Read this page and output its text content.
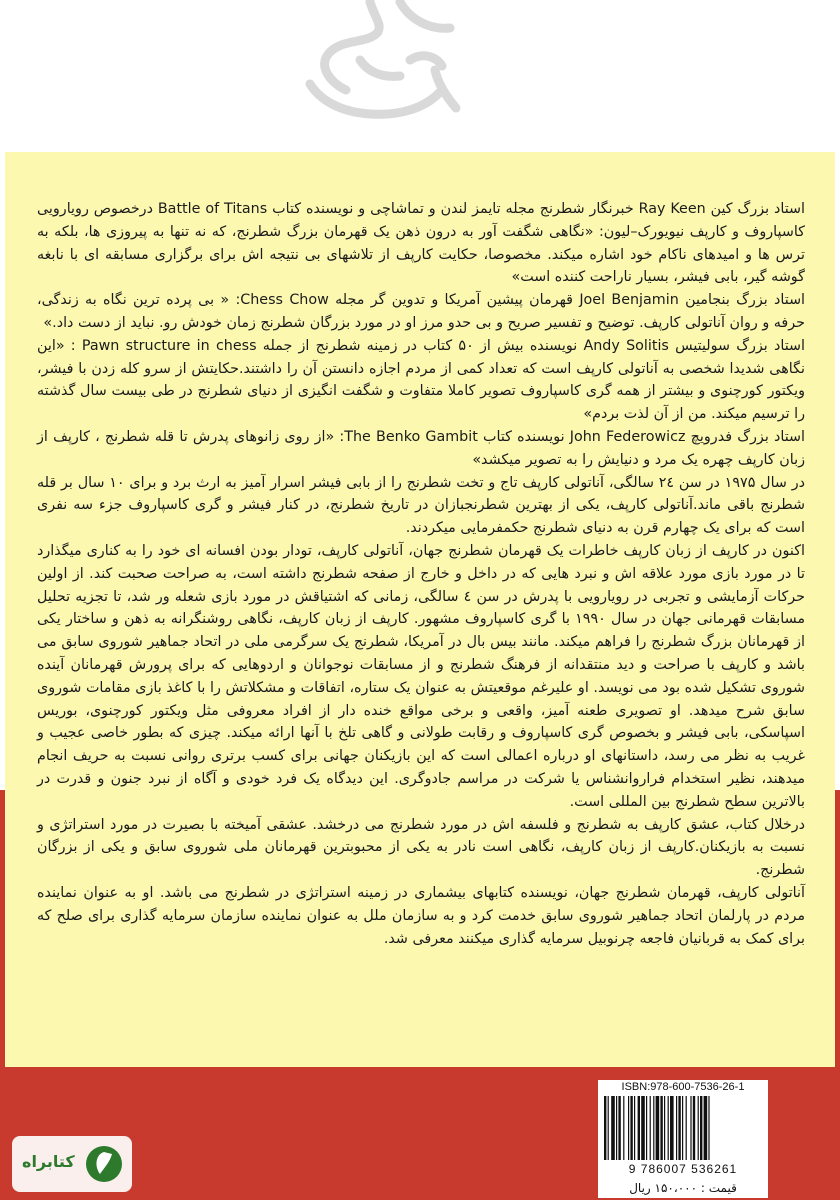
استاد بزرگ کین Ray Keen خبرنگار شطرنج مجله تایمز لندن و تماشاچی و نویسنده کتاب Battle of Titans درخصوص رویارویی کاسپاروف و کارپف نیویورک–لیون: «نگاهی شگفت آور به درون ذهن یک قهرمان بزرگ شطرنج، که نه تنها به پیروزی ها، بلکه به ترس ها و امیدهای ناکام خود اشاره میکند. مخصوصا، حکایت کارپف از تلاشهای بی نتیجه اش برای برگزاری مسابقه ای با نابغه گوشه گیر، بابی فیشر، بسیار ناراحت کننده است»

استاد بزرگ بنجامین Joel Benjamin قهرمان پیشین آمریکا و تدوین گر مجله Chess Chow: « بی پرده ترین نگاه به زندگی، حرفه و روان آناتولی کارپف. توضیح و تفسیر صریح و بی حدو مرز او در مورد بزرگان شطرنج زمان خودش رو. نباید از دست داد.»

استاد بزرگ سولیتیس Andy Solitis نویسنده بیش از ۵۰ کتاب در زمینه شطرنج از جمله Pawn structure in chess : «این نگاهی شدیدا شخصی به آناتولی کارپف است که تعداد کمی از مردم اجازه دانستن آن را داشتند.حکایتش از سرو کله زدن با فیشر، ویکتور کورچنوی و بیشتر از همه گری کاسپاروف تصویر کاملا متفاوت و شگفت انگیزی از دنیای شطرنج در طی بیست سال گذشته را ترسیم میکند. من از آن لذت بردم»

استاد بزرگ فدرویچ John Federowicz نویسنده کتاب The Benko Gambit: «از روی زانوهای پدرش تا قله شطرنج ، کارپف از زبان کارپف چهره یک مرد و دنیایش را به تصویر میکشد»

در سال ۱۹۷۵ در سن ۲٤ سالگی، آناتولی کارپف تاج و تخت شطرنج را از بابی فیشر اسرار آمیز به ارث برد و برای ۱۰ سال بر قله شطرنج باقی ماند.آناتولی کارپف، یکی از بهترین شطرنجبازان در تاریخ شطرنج، در کنار فیشر و گری کاسپاروف جزء سه نفری است که برای یک چهارم قرن به دنیای شطرنج حکمفرمایی میکردند.

اکنون در کارپف از زبان کارپف خاطرات یک قهرمان شطرنج جهان، آناتولی کارپف، تودار بودن افسانه ای خود را به کناری میگذارد تا در مورد بازی مورد علاقه اش و نبرد هایی که در داخل و خارج از صفحه شطرنج داشته است، به صراحت صحبت کند. از اولین حرکات آزمایشی و تجربی در رویارویی با پدرش در سن ٤ سالگی، زمانی که اشتیاقش در مورد بازی شعله ور شد، تا تجزیه تحلیل مسابقات قهرمانی جهان در سال ۱۹۹۰ با گری کاسپاروف مشهور. کارپف از زبان کارپف، نگاهی روشنگرانه به ذهن و ساختار یکی از قهرمانان بزرگ شطرنج را فراهم میکند. مانند بیس بال در آمریکا، شطرنج یک سرگرمی ملی در اتحاد جماهیر شوروی سابق می باشد و کارپف با صراحت و دید منتقدانه از فرهنگ شطرنج و از مسابقات نوجوانان و اردوهایی که برای پرورش قهرمانان آینده شوروی تشکیل شده بود می نویسد. او علیرغم موقعیتش به عنوان یک ستاره، اتفاقات و مشکلاتش را با کاغذ بازی مقامات شوروی سابق شرح میدهد. او تصویری طعنه آمیز، واقعی و برخی مواقع خنده دار از افراد معروفی مثل ویکتور کورچنوی، بوریس اسپاسکی، بابی فیشر و بخصوص گری کاسپاروف و رقابت طولانی و گاهی تلخ با آنها ارائه میکند. چیزی که بطور خاصی عجیب و غریب به نظر می رسد، داستانهای او درباره اعمالی است که این بازیکنان جهانی برای کسب برتری روانی نسبت به حریف انجام میدهند، نظیر استخدام فراروانشناس یا شرکت در مراسم جادوگری. این دیدگاه یک فرد خودی و آگاه از نبرد جنون و قدرت در بالاترین سطح شطرنج بین المللی است.

درخلال کتاب، عشق کارپف به شطرنج و فلسفه اش در مورد شطرنج می درخشد. عشقی آمیخته با بصیرت در مورد استراتژی و نسبت به بازیکنان.کارپف از زبان کارپف، نگاهی است نادر به یکی از محبوبترین قهرمانان ملی شوروی سابق و یکی از بزرگان شطرنج.

آناتولی کارپف، قهرمان شطرنج جهان، نویسنده کتابهای بیشماری در زمینه استراتژی در شطرنج می باشد. او به عنوان نماینده مردم در پارلمان اتحاد جماهیر شوروی سابق خدمت کرد و به سازمان ملل به عنوان نماینده سازمان سرمایه گذاری برای صلح که برای کمک به قربانیان فاجعه چرنوبیل سرمایه گذاری میکنند معرفی شد.

ISBN:978-600-7536-26-1
9 786007 536261
قیمت : ۱۵۰،۰۰۰ ریال
کتابراه
